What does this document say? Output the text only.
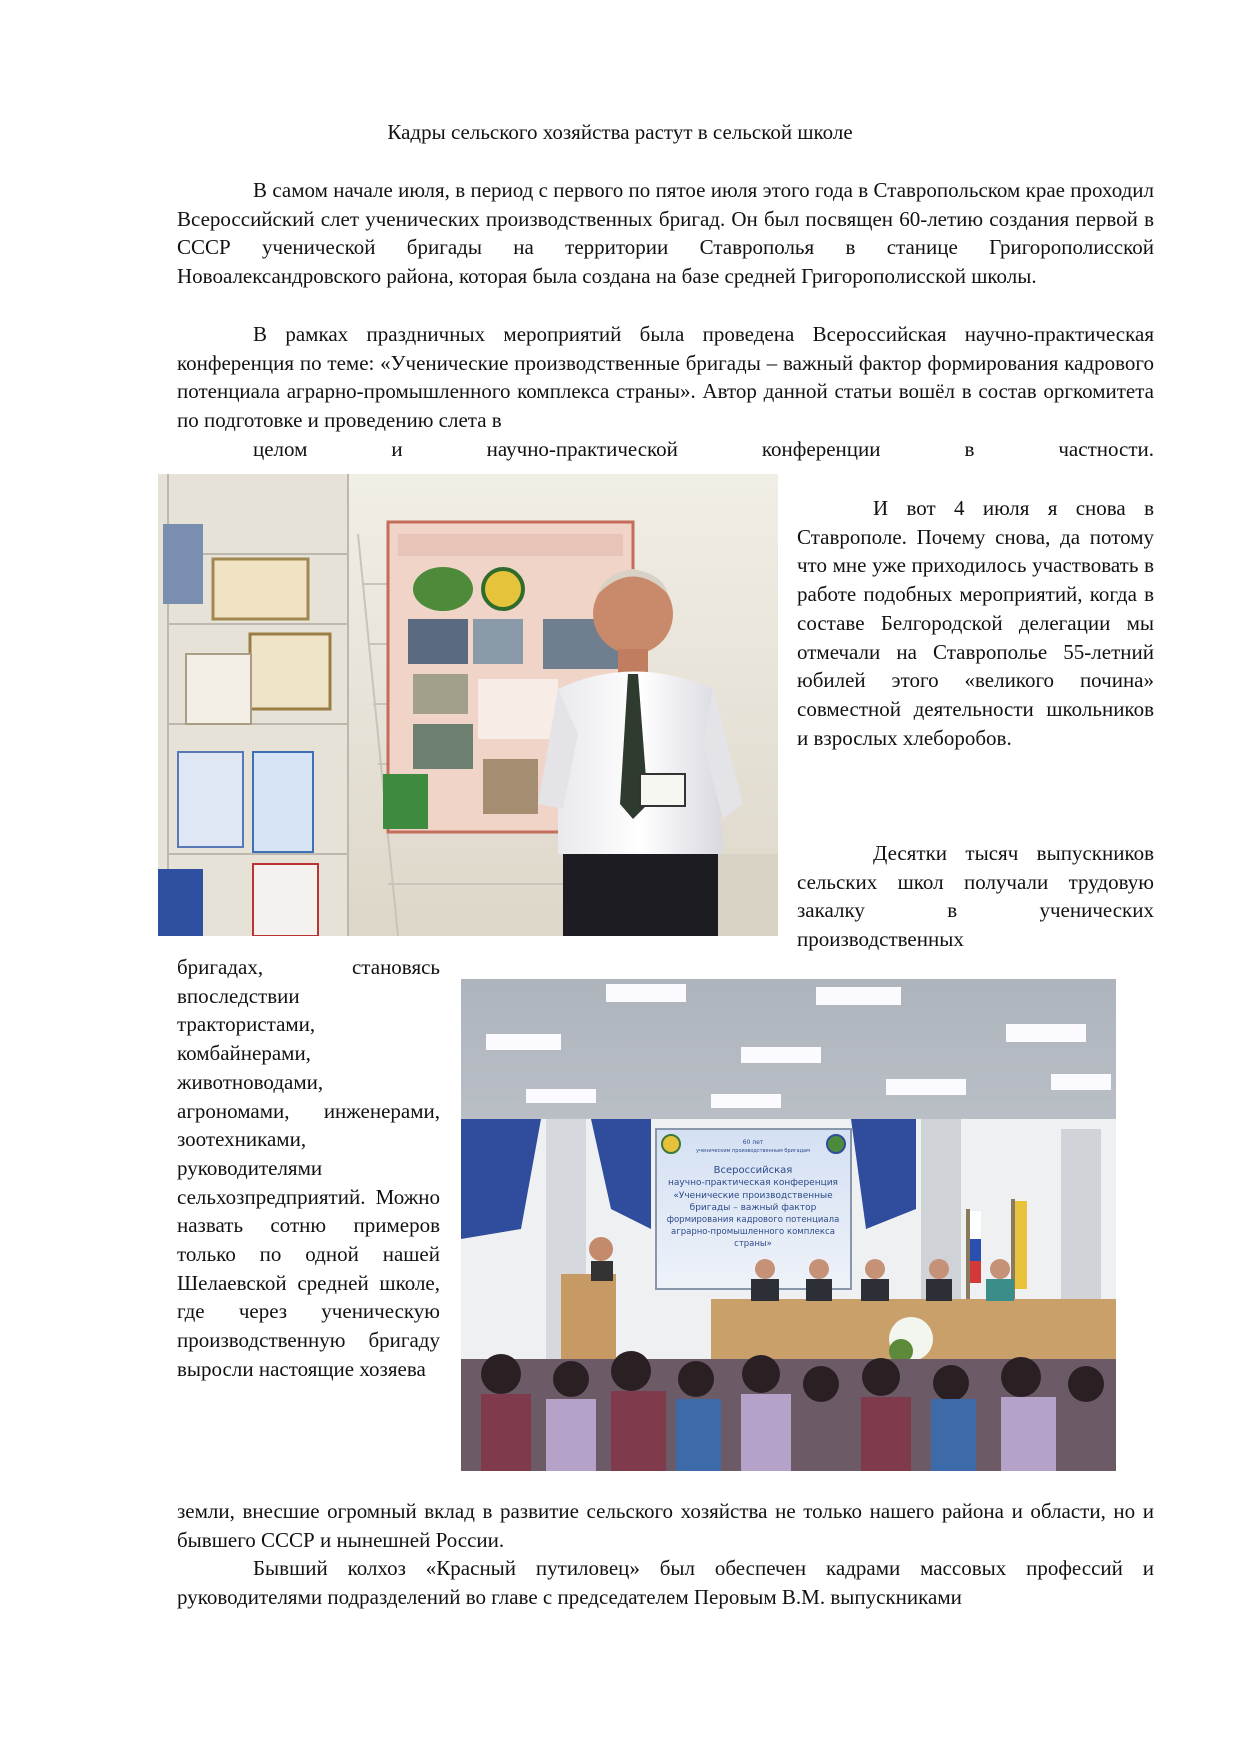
Кадры сельского хозяйства растут в сельской школе

В самом начале июля, в период с первого по пятое июля этого года в Ставропольском крае проходил Всероссийский слет ученических производственных бригад. Он был посвящен 60-летию создания первой в СССР ученической бригады на территории Ставрополья в станице Григорополисской Новоалександровского района, которая была создана на базе средней Григорополисской школы.

В рамках праздничных мероприятий была проведена Всероссийская научно-практическая конференция по теме: «Ученические производственные бригады – важный фактор формирования кадрового потенциала аграрно-промышленного комплекса страны». Автор данной статьи вошёл в состав оргкомитета по подготовке и проведению слета в
целом и научно-практической конференции в частности.

И вот 4 июля я снова в Ставрополе. Почему снова, да потому что мне уже приходилось участвовать в работе подобных мероприятий, когда в составе Белгородской делегации мы отмечали на Ставрополье 55-летний юбилей этого «великого почина» совместной деятельности школьников и взрослых хлеборобов.

Десятки тысяч выпускников сельских школ получали трудовую закалку в ученических производственных

бригадах, становясь впоследствии трактористами, комбайнерами, животноводами, агрономами, инженерами, зоотехниками, руководителями сельхозпредприятий. Можно назвать сотню примеров только по одной нашей Шелаевской средней школе, где через ученическую производственную бригаду выросли настоящие хозяева

60 лет
ученическим производственным бригадам
Всероссийская
научно-практическая конференция
«Ученические производственные
бригады – важный фактор
формирования кадрового потенциала
аграрно-промышленного комплекса
страны»

земли, внесшие огромный вклад в развитие сельского хозяйства не только нашего района и области, но и бывшего СССР и нынешней России.

Бывший колхоз «Красный путиловец» был обеспечен кадрами массовых профессий и руководителями подразделений во главе с председателем Перовым В.М. выпускниками
